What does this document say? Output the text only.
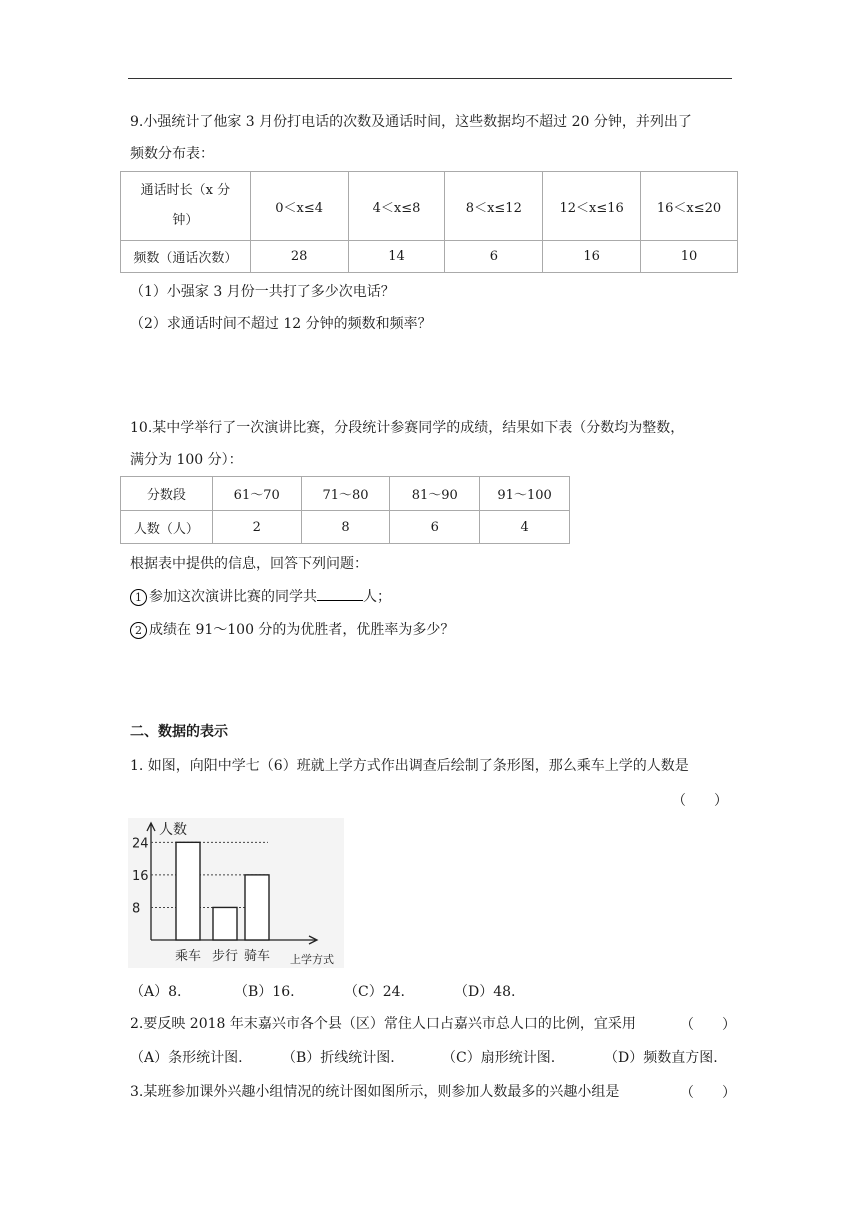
9.小强统计了他家 3 月份打电话的次数及通话时间，这些数据均不超过 20 分钟，并列出了
频数分布表：
通话时长（x 分
钟）	0＜x≤4	4＜x≤8	8＜x≤12	12＜x≤16	16＜x≤20
频数（通话次数）	28	14	6	16	10
（1）小强家 3 月份一共打了多少次电话？
（2）求通话时间不超过 12 分钟的频数和频率？
10.某中学举行了一次演讲比赛，分段统计参赛同学的成绩，结果如下表（分数均为整数，
满分为 100 分）：
分数段	61～70	71～80	81～90	91～100
人数（人）	2	8	6	4
根据表中提供的信息，回答下列问题：
1 参加这次演讲比赛的同学共	人；
2 成绩在 91～100 分的为优胜者，优胜率为多少？
二、数据的表示
1. 如图，向阳中学七（6）班就上学方式作出调查后绘制了条形图，那么乘车上学的人数是
（　　）
人数
上学方式
8
16
24
乘车 步行 骑车
（A）8.	（B）16.	（C）24.	（D）48.
2.要反映 2018 年末嘉兴市各个县（区）常住人口占嘉兴市总人口的比例，宜采用	（　　）
（A）条形统计图.	（B）折线统计图.	（C）扇形统计图.	（D）频数直方图.
3.某班参加课外兴趣小组情况的统计图如图所示，则参加人数最多的兴趣小组是	（　　）
